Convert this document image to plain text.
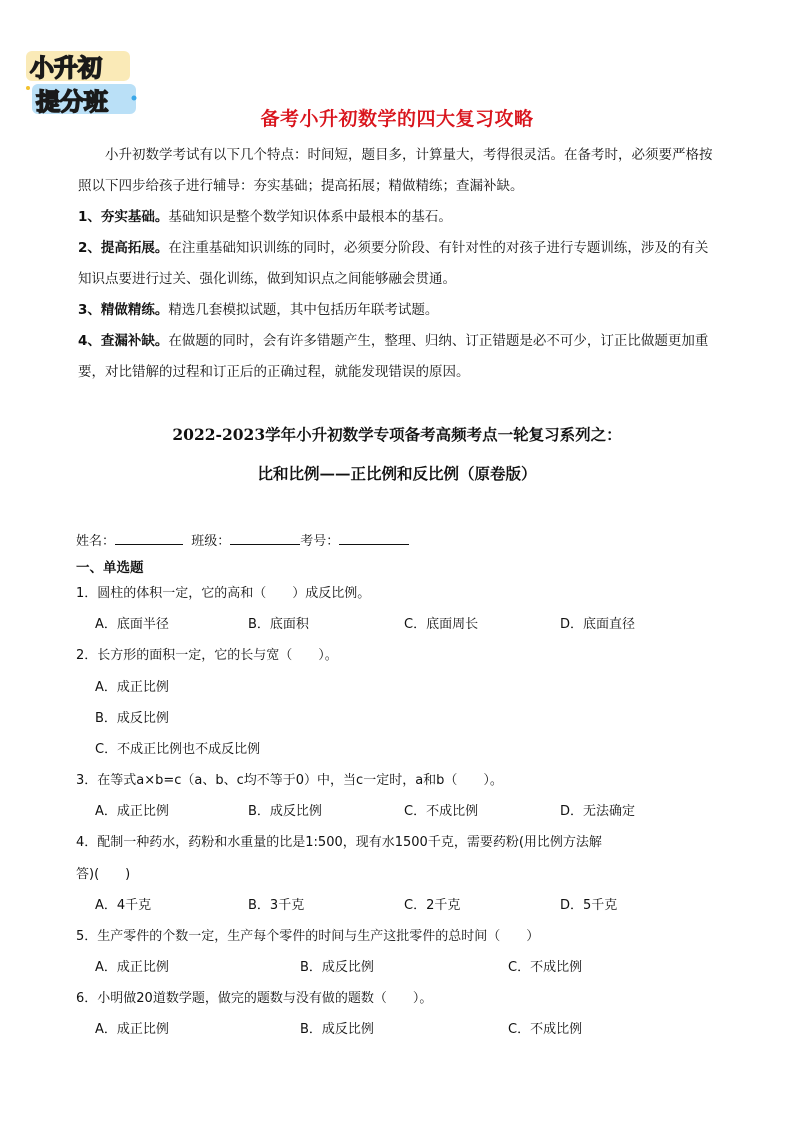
小升初
提分班
备考小升初数学的四大复习攻略
小升初数学考试有以下几个特点：时间短，题目多，计算量大，考得很灵活。在备考时，必须要严格按照以下四步给孩子进行辅导：夯实基础；提高拓展；精做精练；查漏补缺。
1、夯实基础。基础知识是整个数学知识体系中最根本的基石。
2、提高拓展。在注重基础知识训练的同时，必须要分阶段、有针对性的对孩子进行专题训练，涉及的有关知识点要进行过关、强化训练，做到知识点之间能够融会贯通。
3、精做精练。精选几套模拟试题，其中包括历年联考试题。
4、查漏补缺。在做题的同时，会有许多错题产生，整理、归纳、订正错题是必不可少，订正比做题更加重要，对比错解的过程和订正后的正确过程，就能发现错误的原因。
2022-2023学年小升初数学专项备考高频考点一轮复习系列之：
比和比例——正比例和反比例（原卷版）
姓名：	班级：	考号：
一、单选题
1．圆柱的体积一定，它的高和（　　）成反比例。
A．底面半径	B．底面积	C．底面周长	D．底面直径
2．长方形的面积一定，它的长与宽（　　）。
A．成正比例
B．成反比例
C．不成正比例也不成反比例
3．在等式a×b=c（a、b、c均不等于0）中，当c一定时，a和b（　　）。
A．成正比例	B．成反比例	C．不成比例	D．无法确定
4．配制一种药水，药粉和水重量的比是1:500，现有水1500千克，需要药粉(用比例方法解
答)(　　)
A．4千克	B．3千克	C．2千克	D．5千克
5．生产零件的个数一定，生产每个零件的时间与生产这批零件的总时间（　　）
A．成正比例	B．成反比例	C．不成比例
6．小明做20道数学题，做完的题数与没有做的题数（　　）。
A．成正比例	B．成反比例	C．不成比例
